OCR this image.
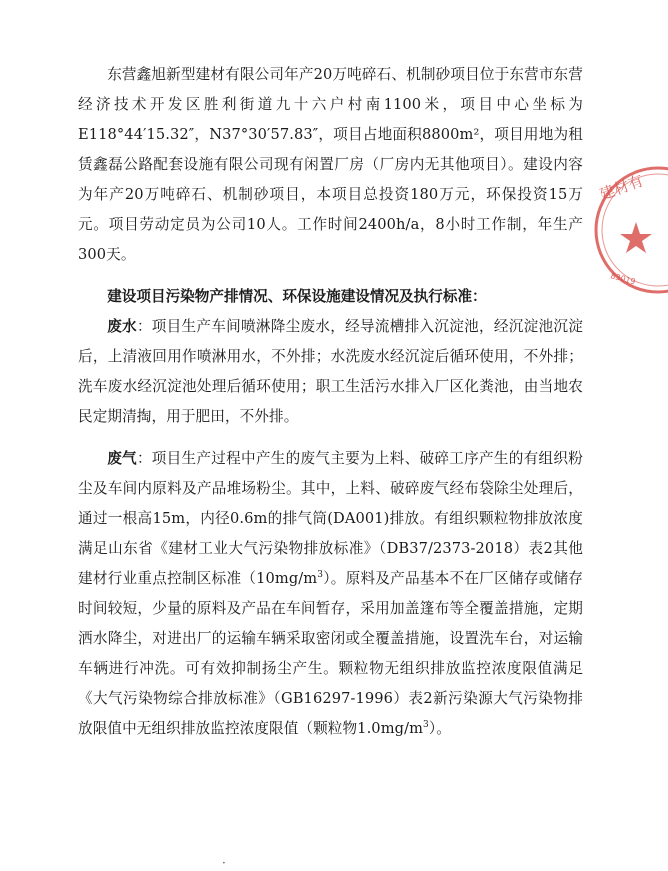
东营鑫旭新型建材有限公司年产20万吨碎石、机制砂项目位于东营市东营经济技术开发区胜利街道九十六户村南1100米，项目中心坐标为E118°44′15.32″，N37°30′57.83″，项目占地面积8800m²，项目用地为租赁鑫磊公路配套设施有限公司现有闲置厂房（厂房内无其他项目）。建设内容为年产20万吨碎石、机制砂项目，本项目总投资180万元，环保投资15万元。项目劳动定员为公司10人。工作时间2400h/a，8小时工作制，年生产300天。

建设项目污染物产排情况、环保设施建设情况及执行标准：

废水：项目生产车间喷淋降尘废水，经导流槽排入沉淀池，经沉淀池沉淀后，上清液回用作喷淋用水，不外排；水洗废水经沉淀后循环使用，不外排；洗车废水经沉淀池处理后循环使用；职工生活污水排入厂区化粪池，由当地农民定期清掏，用于肥田，不外排。

废气：项目生产过程中产生的废气主要为上料、破碎工序产生的有组织粉尘及车间内原料及产品堆场粉尘。其中，上料、破碎废气经布袋除尘处理后，通过一根高15m，内径0.6m的排气筒(DA001)排放。有组织颗粒物排放浓度满足山东省《建材工业大气污染物排放标准》（DB37/2373-2018）表2其他建材行业重点控制区标准$(10mg/m^3)$。原料及产品基本不在厂区储存或储存时间较短，少量的原料及产品在车间暂存，采用加盖篷布等全覆盖措施，定期洒水降尘，对进出厂的运输车辆采取密闭或全覆盖措施，设置洗车台，对运输车辆进行冲洗。可有效抑制扬尘产生。颗粒物无组织排放监控浓度限值满足《大气污染物综合排放标准》（GB16297-1996）表2新污染源大气污染物排放限值中无组织排放监控浓度限值（颗粒物$1.0mg/m^3$）。

建材有
83019
·
